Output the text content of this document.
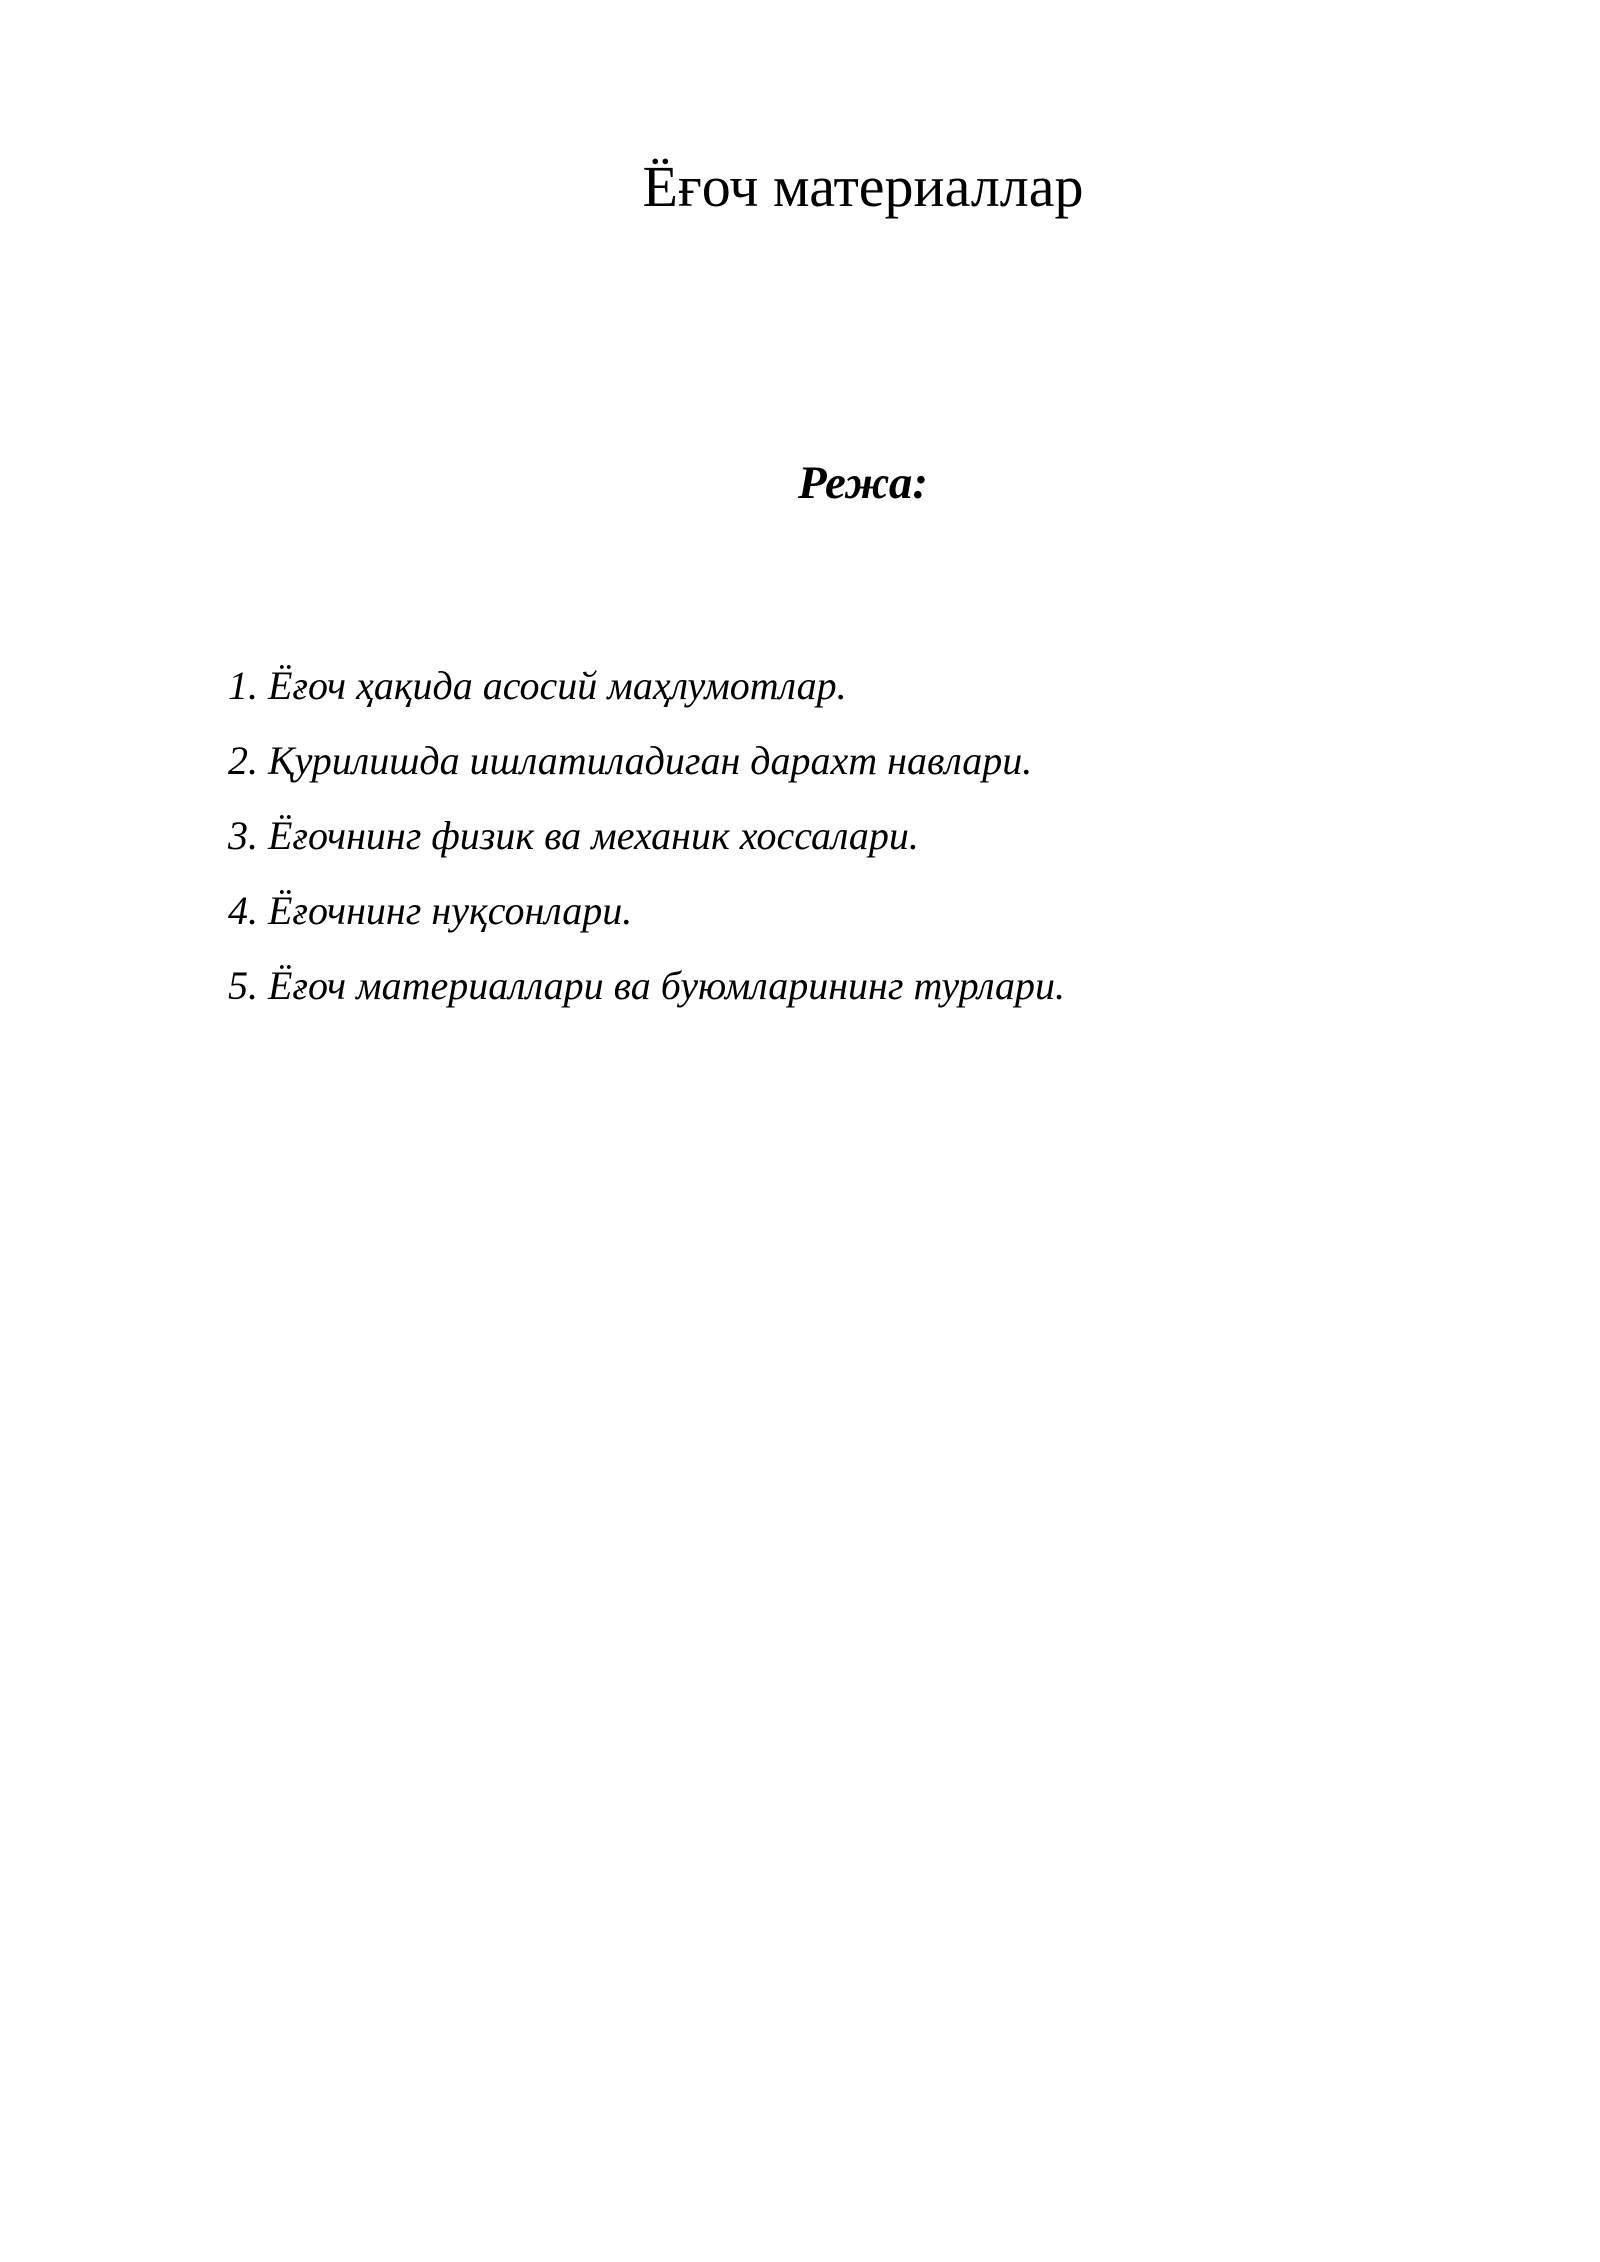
Ёғоч материаллар
Режа:
1. Ёғоч ҳақида асосий маҳлумотлар.
2. Қурилишда ишлатиладиган дарахт навлари.
3. Ёғочнинг физик ва механик хоссалари.
4. Ёғочнинг нуқсонлари.
5. Ёғоч материаллари ва буюмларининг турлари.
